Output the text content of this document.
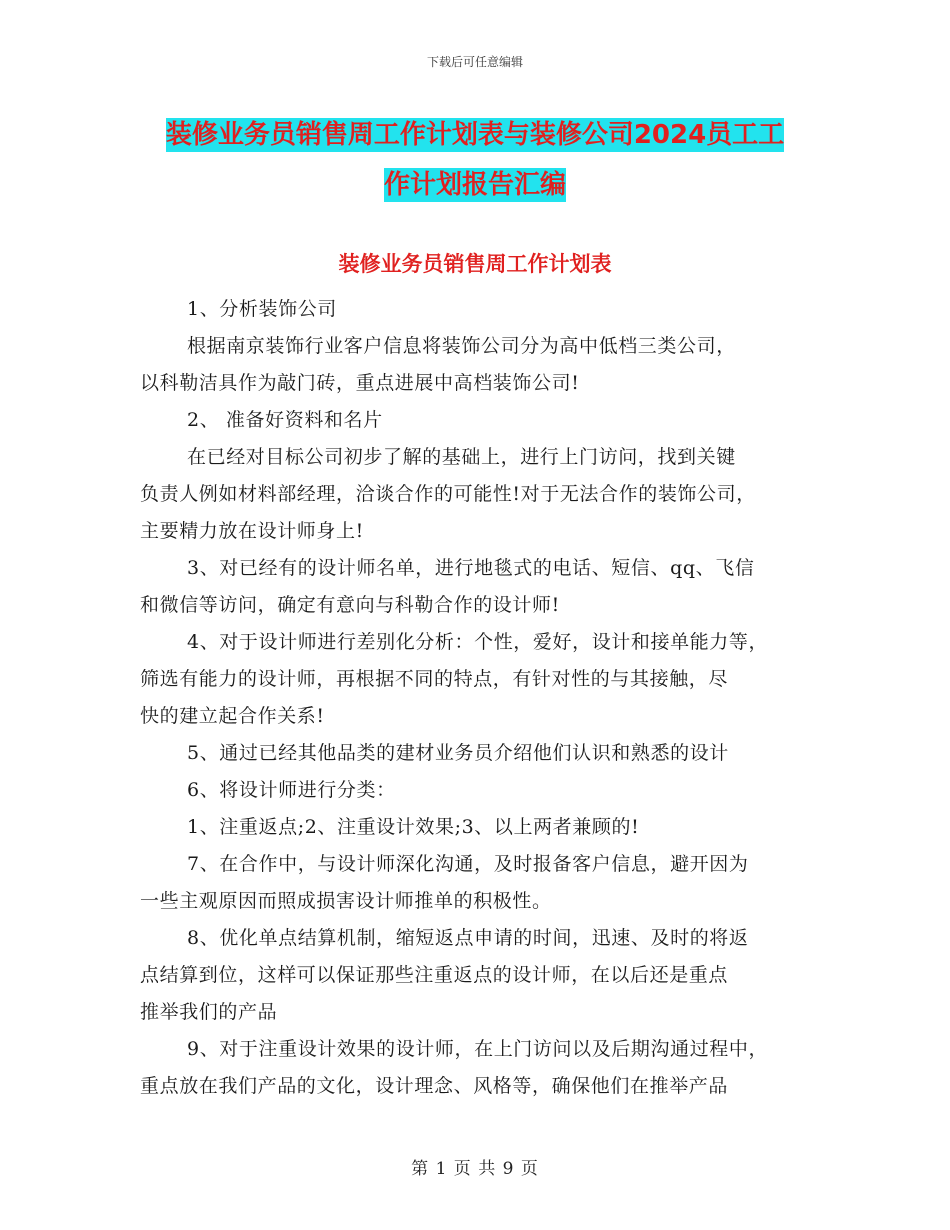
下载后可任意编辑
装修业务员销售周工作计划表与装修公司2024员工工
作计划报告汇编
装修业务员销售周工作计划表
1、分析装饰公司
根据南京装饰行业客户信息将装饰公司分为高中低档三类公司，
以科勒洁具作为敲门砖，重点进展中高档装饰公司!
2、 准备好资料和名片
在已经对目标公司初步了解的基础上，进行上门访问，找到关键
负责人例如材料部经理，洽谈合作的可能性!对于无法合作的装饰公司，
主要精力放在设计师身上!
3、对已经有的设计师名单，进行地毯式的电话、短信、qq、飞信
和微信等访问，确定有意向与科勒合作的设计师!
4、对于设计师进行差别化分析：个性，爱好，设计和接单能力等，
筛选有能力的设计师，再根据不同的特点，有针对性的与其接触，尽
快的建立起合作关系!
5、通过已经其他品类的建材业务员介绍他们认识和熟悉的设计
6、将设计师进行分类：
1、注重返点;2、注重设计效果;3、以上两者兼顾的!
7、在合作中，与设计师深化沟通，及时报备客户信息，避开因为
一些主观原因而照成损害设计师推单的积极性。
8、优化单点结算机制，缩短返点申请的时间，迅速、及时的将返
点结算到位，这样可以保证那些注重返点的设计师，在以后还是重点
推举我们的产品
9、对于注重设计效果的设计师，在上门访问以及后期沟通过程中，
重点放在我们产品的文化，设计理念、风格等，确保他们在推举产品
第 1 页 共 9 页
